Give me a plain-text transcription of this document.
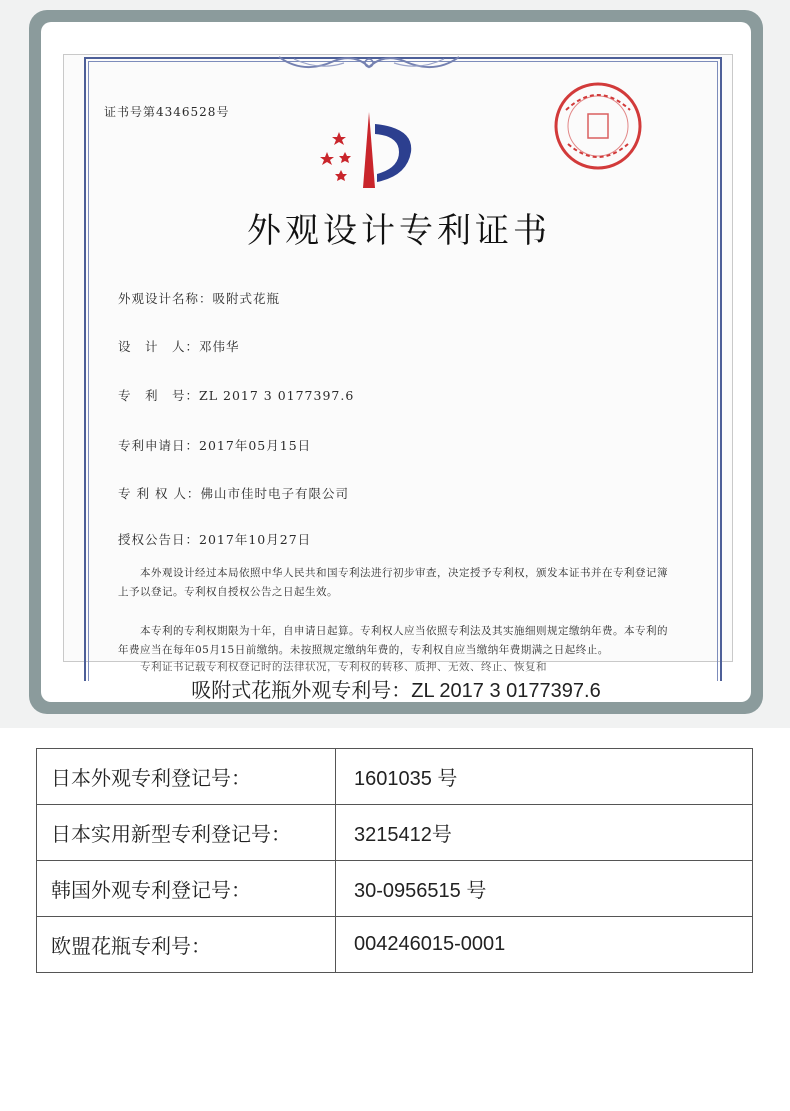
证书号第4346528号
外观设计专利证书
外观设计名称：吸附式花瓶
设　计　人：邓伟华
专　利　号：ZL 2017 3 0177397.6
专利申请日：2017年05月15日
专 利 权 人：佛山市佳时电子有限公司
授权公告日：2017年10月27日
　　本外观设计经过本局依照中华人民共和国专利法进行初步审查，决定授予专利权，颁发本证书并在专利登记簿上予以登记。专利权自授权公告之日起生效。
　　本专利的专利权期限为十年，自申请日起算。专利权人应当依照专利法及其实施细则规定缴纳年费。本专利的年费应当在每年05月15日前缴纳。未按照规定缴纳年费的，专利权自应当缴纳年费期满之日起终止。
　　专利证书记载专利权登记时的法律状况，专利权的转移、质押、无效、终止、恢复和
吸附式花瓶外观专利号：ZL 2017 3 0177397.6
日本外观专利登记号：	1601035 号
日本实用新型专利登记号：	3215412号
韩国外观专利登记号：	30-0956515 号
欧盟花瓶专利号：	004246015-0001
